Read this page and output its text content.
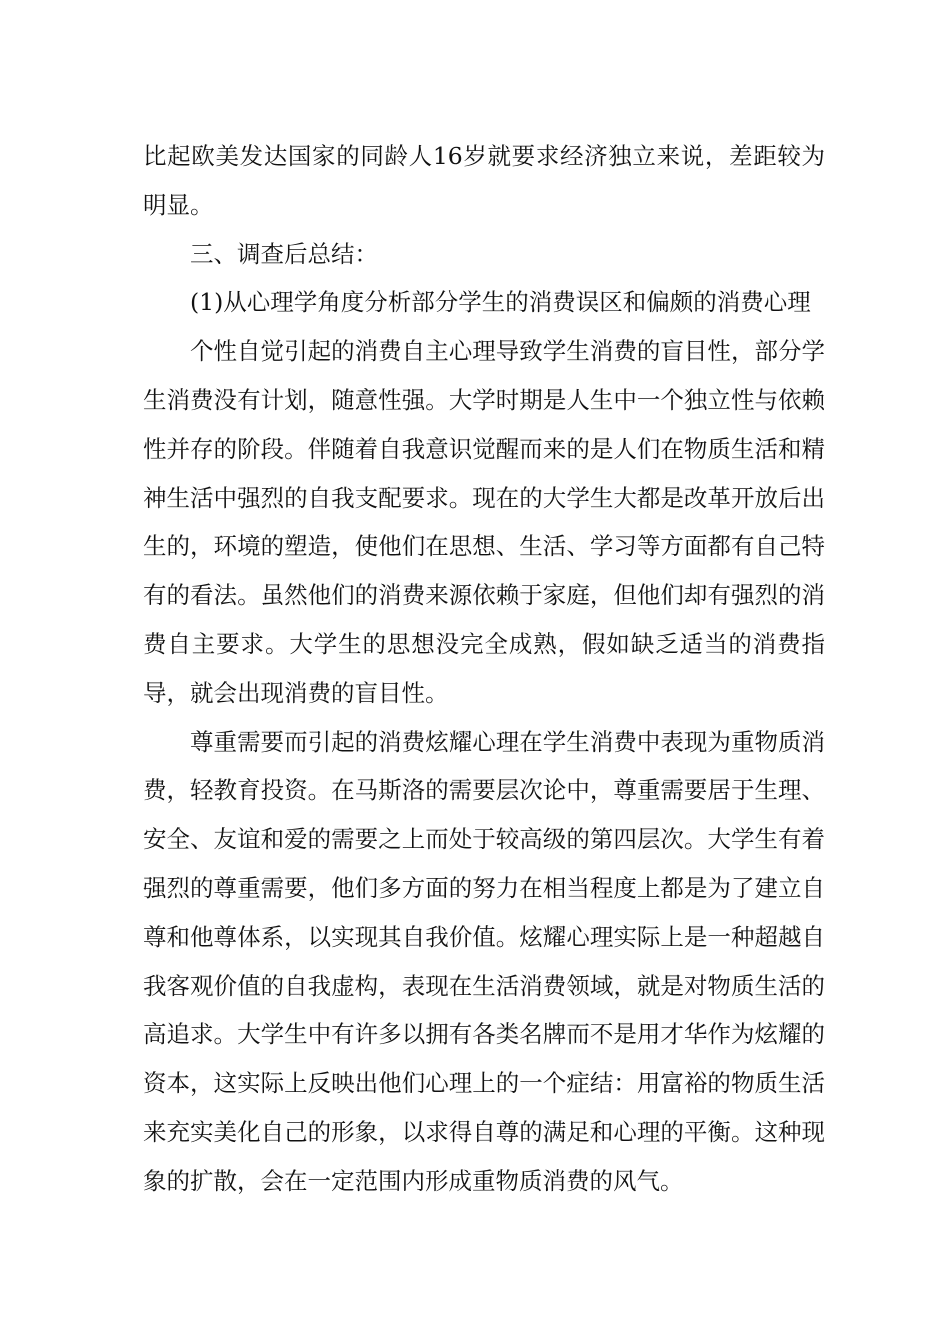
比起欧美发达国家的同龄人16岁就要求经济独立来说，差距较为明显。

三、调查后总结：

(1)从心理学角度分析部分学生的消费误区和偏颇的消费心理

个性自觉引起的消费自主心理导致学生消费的盲目性，部分学生消费没有计划，随意性强。大学时期是人生中一个独立性与依赖性并存的阶段。伴随着自我意识觉醒而来的是人们在物质生活和精神生活中强烈的自我支配要求。现在的大学生大都是改革开放后出生的，环境的塑造，使他们在思想、生活、学习等方面都有自己特有的看法。虽然他们的消费来源依赖于家庭，但他们却有强烈的消费自主要求。大学生的思想没完全成熟，假如缺乏适当的消费指导，就会出现消费的盲目性。

尊重需要而引起的消费炫耀心理在学生消费中表现为重物质消费，轻教育投资。在马斯洛的需要层次论中，尊重需要居于生理、安全、友谊和爱的需要之上而处于较高级的第四层次。大学生有着强烈的尊重需要，他们多方面的努力在相当程度上都是为了建立自尊和他尊体系，以实现其自我价值。炫耀心理实际上是一种超越自我客观价值的自我虚构，表现在生活消费领域，就是对物质生活的高追求。大学生中有许多以拥有各类名牌而不是用才华作为炫耀的资本，这实际上反映出他们心理上的一个症结：用富裕的物质生活来充实美化自己的形象，以求得自尊的满足和心理的平衡。这种现象的扩散，会在一定范围内形成重物质消费的风气。
